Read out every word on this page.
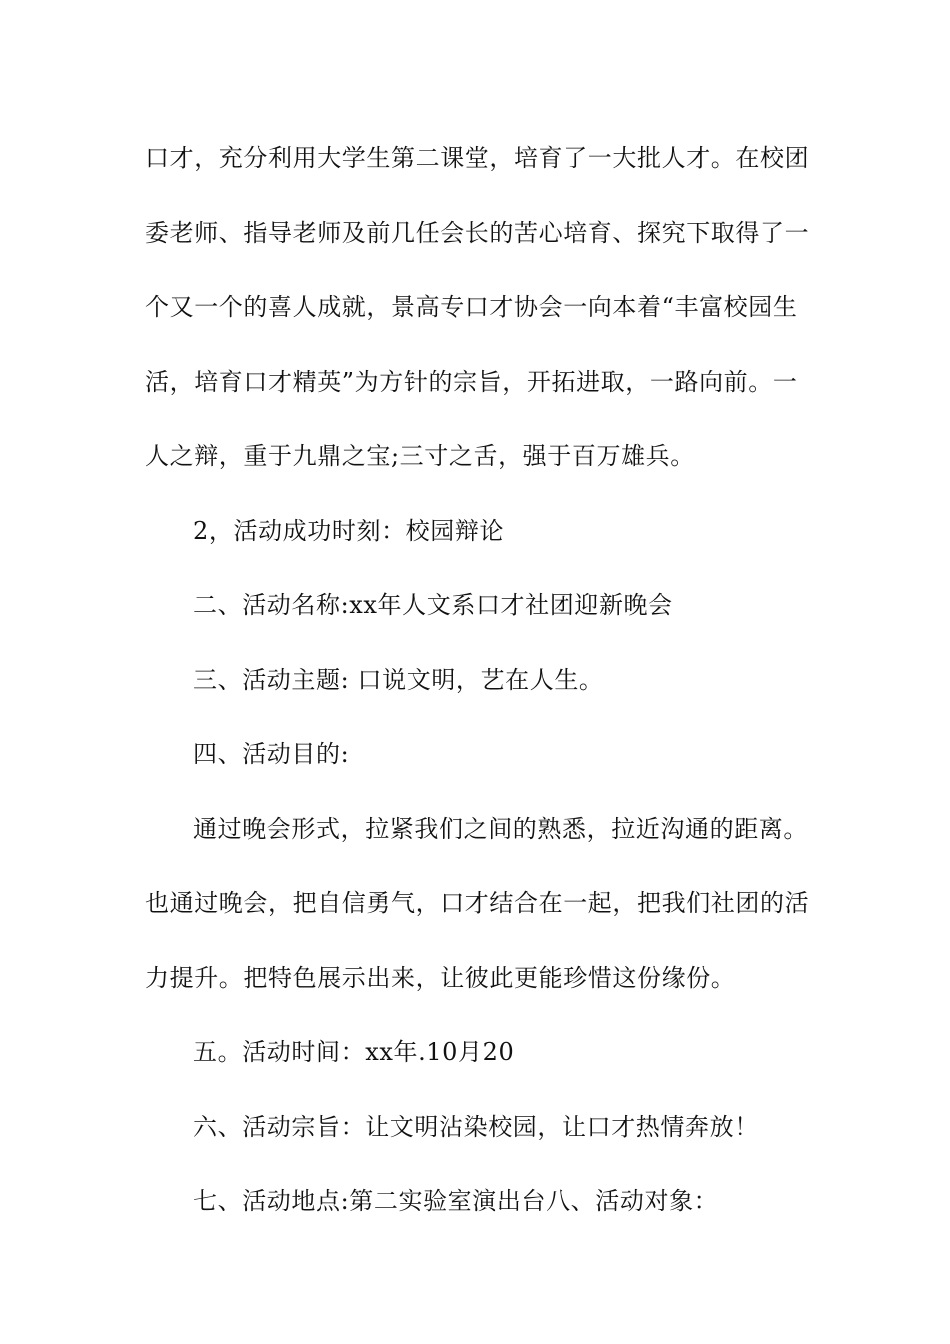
口才，充分利用大学生第二课堂，培育了一大批人才。在校团
委老师、指导老师及前几任会长的苦心培育、探究下取得了一
个又一个的喜人成就，景高专口才协会一向本着“丰富校园生
活，培育口才精英”为方针的宗旨，开拓进取，一路向前。一
人之辩，重于九鼎之宝;三寸之舌，强于百万雄兵。
2，活动成功时刻：校园辩论
二、活动名称:xx年人文系口才社团迎新晚会
三、活动主题: 口说文明，艺在人生。
四、活动目的:
通过晚会形式，拉紧我们之间的熟悉，拉近沟通的距离。
也通过晚会，把自信勇气，口才结合在一起，把我们社团的活
力提升。把特色展示出来，让彼此更能珍惜这份缘份。
五。活动时间：xx年.10月20
六、活动宗旨：让文明沾染校园，让口才热情奔放！
七、活动地点:第二实验室演出台八、活动对象：
